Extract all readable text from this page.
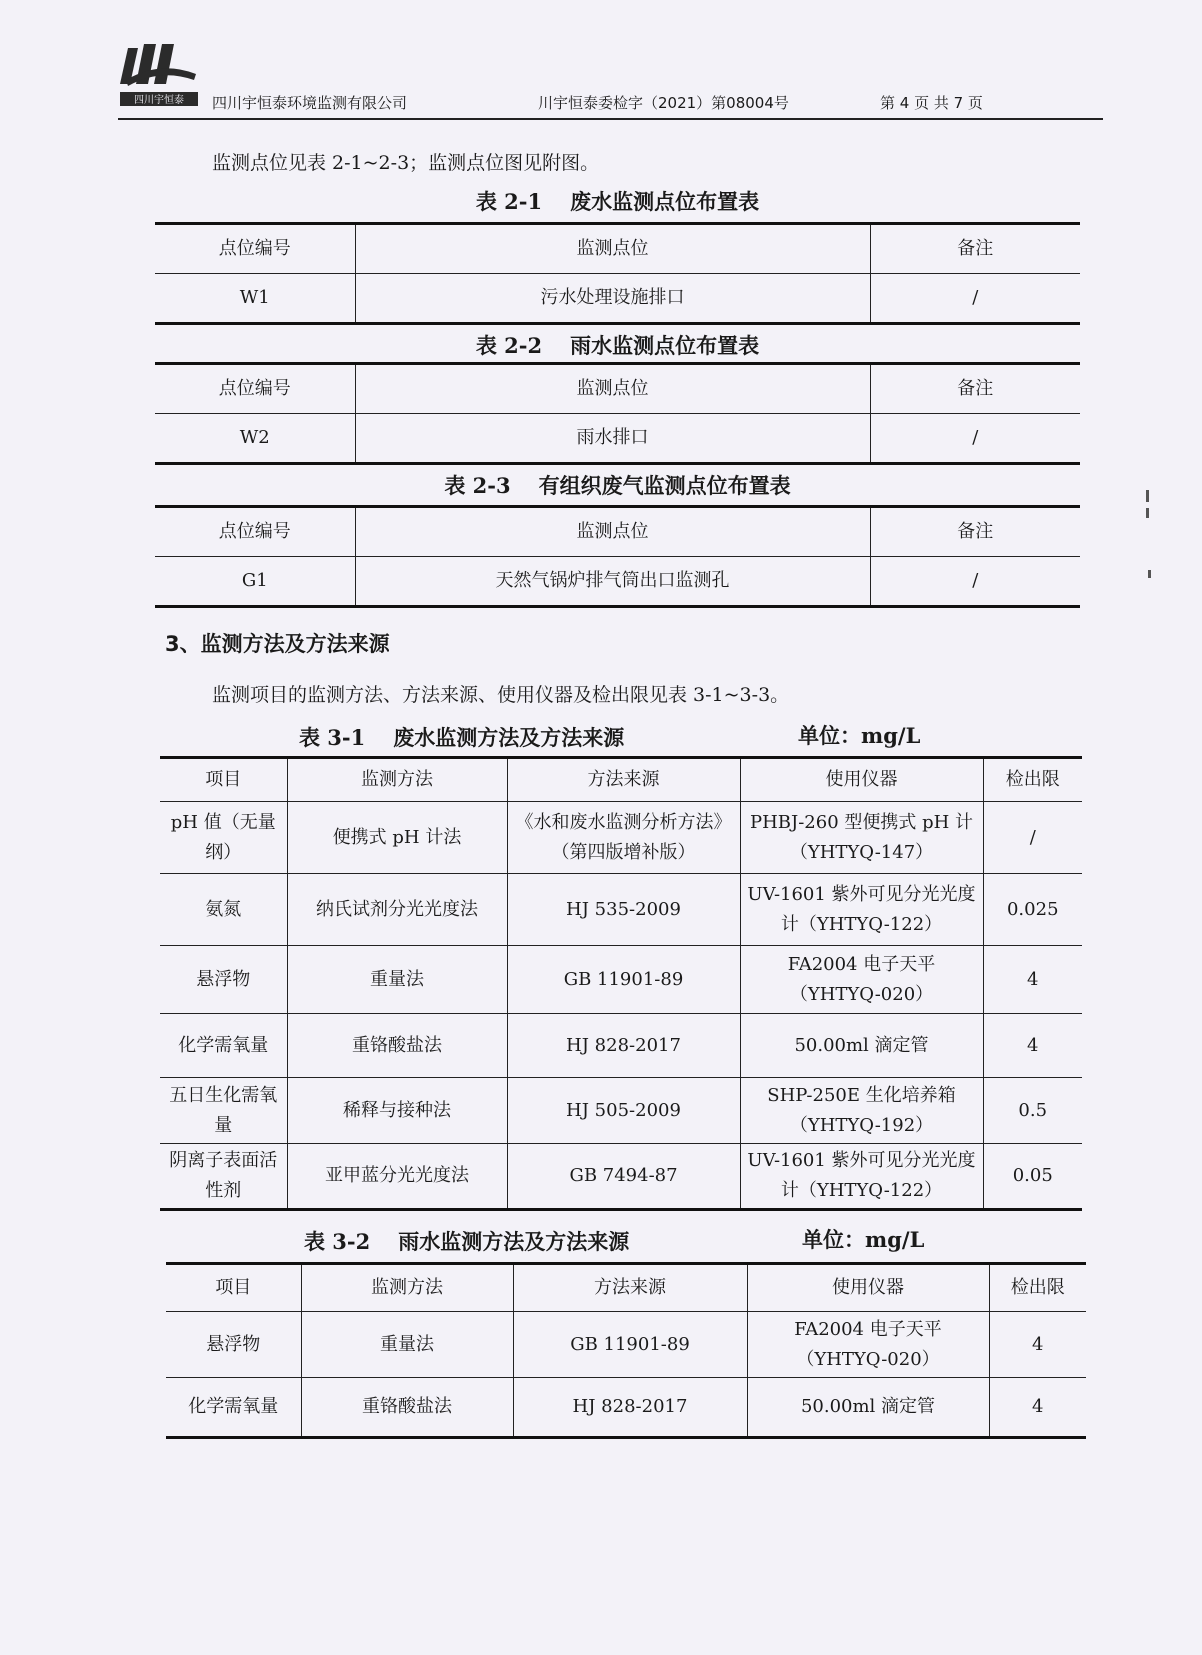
四川宇恒泰 四川宇恒泰环境监测有限公司	川宇恒泰委检字（2021）第08004号	第 4 页 共 7 页
监测点位见表 2-1~2-3；监测点位图见附图。
表 2-1 废水监测点位布置表
点位编号	监测点位	备注
W1	污水处理设施排口	/
表 2-2 雨水监测点位布置表
点位编号	监测点位	备注
W2	雨水排口	/
表 2-3 有组织废气监测点位布置表
点位编号	监测点位	备注
G1	天然气锅炉排气筒出口监测孔	/
3、监测方法及方法来源
监测项目的监测方法、方法来源、使用仪器及检出限见表 3-1~3-3。
表 3-1 废水监测方法及方法来源	单位：mg/L
项目	监测方法	方法来源	使用仪器	检出限
pH 值（无量纲）	便携式 pH 计法	《水和废水监测分析方法》（第四版增补版）	PHBJ-260 型便携式 pH 计（YHTYQ-147）	/
氨氮	纳氏试剂分光光度法	HJ 535-2009	UV-1601 紫外可见分光光度计（YHTYQ-122）	0.025
悬浮物	重量法	GB 11901-89	FA2004 电子天平（YHTYQ-020）	4
化学需氧量	重铬酸盐法	HJ 828-2017	50.00ml 滴定管	4
五日生化需氧量	稀释与接种法	HJ 505-2009	SHP-250E 生化培养箱（YHTYQ-192）	0.5
阴离子表面活性剂	亚甲蓝分光光度法	GB 7494-87	UV-1601 紫外可见分光光度计（YHTYQ-122）	0.05
表 3-2 雨水监测方法及方法来源	单位：mg/L
项目	监测方法	方法来源	使用仪器	检出限
悬浮物	重量法	GB 11901-89	FA2004 电子天平（YHTYQ-020）	4
化学需氧量	重铬酸盐法	HJ 828-2017	50.00ml 滴定管	4
